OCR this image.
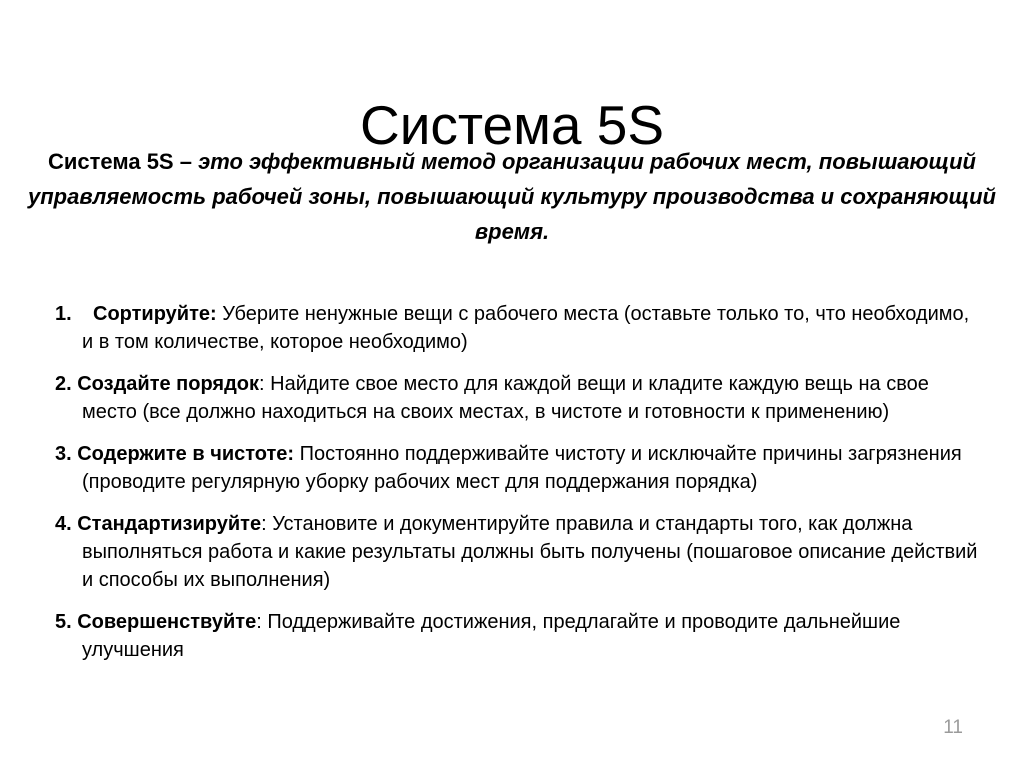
Система 5S
Система 5S – это эффективный метод организации рабочих мест, повышающий управляемость рабочей зоны, повышающий культуру производства и сохраняющий время.
1. Сортируйте: Уберите ненужные вещи с рабочего места (оставьте только то, что необходимо, и в том количестве, которое необходимо)
2. Создайте порядок: Найдите свое место для каждой вещи и кладите каждую вещь на свое место (все должно находиться на своих местах, в чистоте и готовности к применению)
3. Содержите в чистоте: Постоянно поддерживайте чистоту и исключайте причины загрязнения (проводите регулярную уборку рабочих мест для поддержания порядка)
4. Стандартизируйте: Установите и документируйте правила и стандарты того, как должна выполняться работа и какие результаты должны быть получены (пошаговое описание действий и способы их выполнения)
5. Совершенствуйте: Поддерживайте достижения, предлагайте и проводите дальнейшие улучшения
11
